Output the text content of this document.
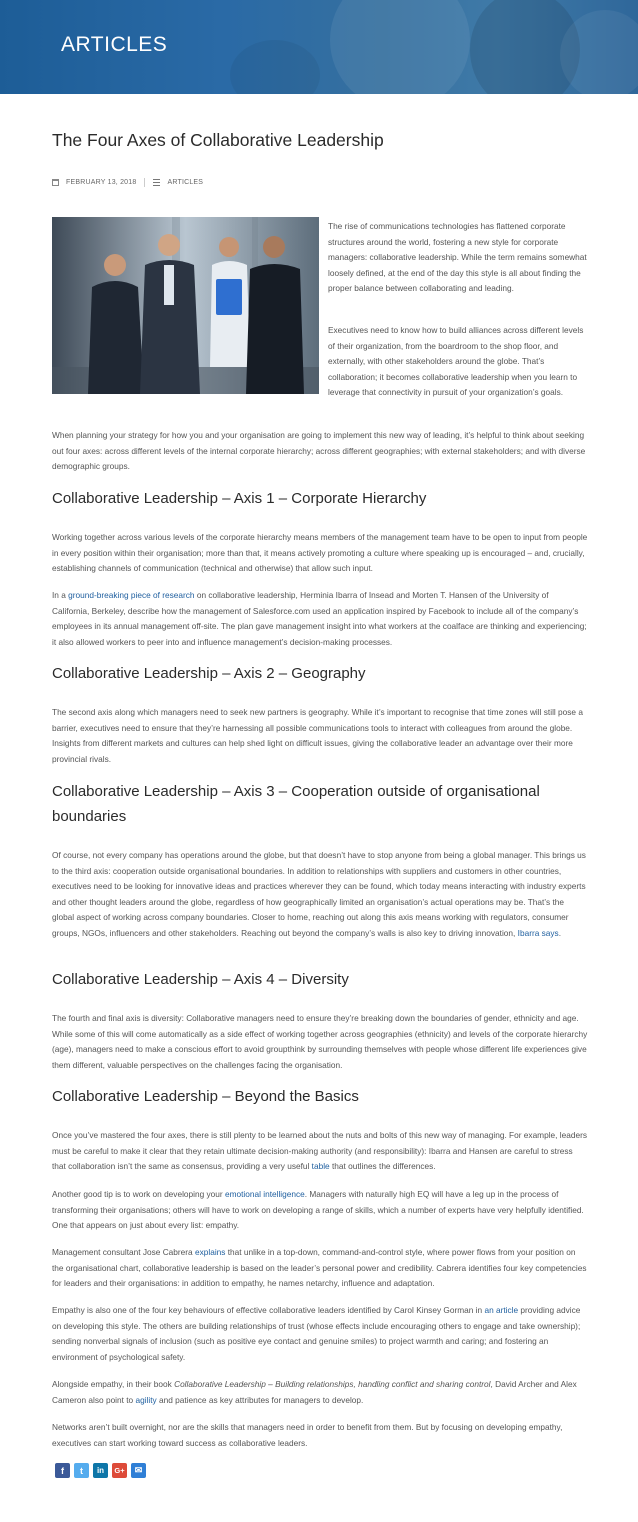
ARTICLES
The Four Axes of Collaborative Leadership
FEBRUARY 13, 2018	ARTICLES

The rise of communications technologies has flattened corporate structures around the world, fostering a new style for corporate managers: collaborative leadership. While the term remains somewhat loosely defined, at the end of the day this style is all about finding the proper balance between collaborating and leading.

Executives need to know how to build alliances across different levels of their organization, from the boardroom to the shop floor, and externally, with other stakeholders around the globe. That’s collaboration; it becomes collaborative leadership when you learn to leverage that connectivity in pursuit of your organization’s goals.

When planning your strategy for how you and your organisation are going to implement this new way of leading, it’s helpful to think about seeking out four axes: across different levels of the internal corporate hierarchy; across different geographies; with external stakeholders; and with diverse demographic groups.

Collaborative Leadership – Axis 1 – Corporate Hierarchy

Working together across various levels of the corporate hierarchy means members of the management team have to be open to input from people in every position within their organisation; more than that, it means actively promoting a culture where speaking up is encouraged – and, crucially, establishing channels of communication (technical and otherwise) that allow such input.

In a ground-breaking piece of research on collaborative leadership, Herminia Ibarra of Insead and Morten T. Hansen of the University of California, Berkeley, describe how the management of Salesforce.com used an application inspired by Facebook to include all of the company’s employees in its annual management off-site. The plan gave management insight into what workers at the coalface are thinking and experiencing; it also allowed workers to peer into and influence management’s decision-making processes.

Collaborative Leadership – Axis 2 – Geography

The second axis along which managers need to seek new partners is geography. While it’s important to recognise that time zones will still pose a barrier, executives need to ensure that they’re harnessing all possible communications tools to interact with colleagues from around the globe. Insights from different markets and cultures can help shed light on difficult issues, giving the collaborative leader an advantage over their more provincial rivals.

Collaborative Leadership – Axis 3 – Cooperation outside of organisational boundaries

Of course, not every company has operations around the globe, but that doesn’t have to stop anyone from being a global manager. This brings us to the third axis: cooperation outside organisational boundaries. In addition to relationships with suppliers and customers in other countries, executives need to be looking for innovative ideas and practices wherever they can be found, which today means interacting with industry experts and other thought leaders around the globe, regardless of how geographically limited an organisation’s actual operations may be. That’s the global aspect of working across company boundaries. Closer to home, reaching out along this axis means working with regulators, consumer groups, NGOs, influencers and other stakeholders. Reaching out beyond the company’s walls is also key to driving innovation, Ibarra says.

Collaborative Leadership – Axis 4 – Diversity

The fourth and final axis is diversity: Collaborative managers need to ensure they’re breaking down the boundaries of gender, ethnicity and age. While some of this will come automatically as a side effect of working together across geographies (ethnicity) and levels of the corporate hierarchy (age), managers need to make a conscious effort to avoid groupthink by surrounding themselves with people whose different life experiences give them different, valuable perspectives on the challenges facing the organisation.

Collaborative Leadership – Beyond the Basics

Once you’ve mastered the four axes, there is still plenty to be learned about the nuts and bolts of this new way of managing. For example, leaders must be careful to make it clear that they retain ultimate decision-making authority (and responsibility): Ibarra and Hansen are careful to stress that collaboration isn’t the same as consensus, providing a very useful table that outlines the differences.

Another good tip is to work on developing your emotional intelligence. Managers with naturally high EQ will have a leg up in the process of transforming their organisations; others will have to work on developing a range of skills, which a number of experts have very helpfully identified. One that appears on just about every list: empathy.

Management consultant Jose Cabrera explains that unlike in a top-down, command-and-control style, where power flows from your position on the organisational chart, collaborative leadership is based on the leader’s personal power and credibility. Cabrera identifies four key competencies for leaders and their organisations: in addition to empathy, he names netarchy, influence and adaptation.

Empathy is also one of the four key behaviours of effective collaborative leaders identified by Carol Kinsey Gorman in an article providing advice on developing this style. The others are building relationships of trust (whose effects include encouraging others to engage and take ownership); sending nonverbal signals of inclusion (such as positive eye contact and genuine smiles) to project warmth and caring; and fostering an environment of psychological safety.

Alongside empathy, in their book Collaborative Leadership – Building relationships, handling conflict and sharing control, David Archer and Alex Cameron also point to agility and patience as key attributes for managers to develop.

Networks aren’t built overnight, nor are the skills that managers need in order to benefit from them. But by focusing on developing empathy, executives can start working toward success as collaborative leaders.

f	t	in	G+	✉
